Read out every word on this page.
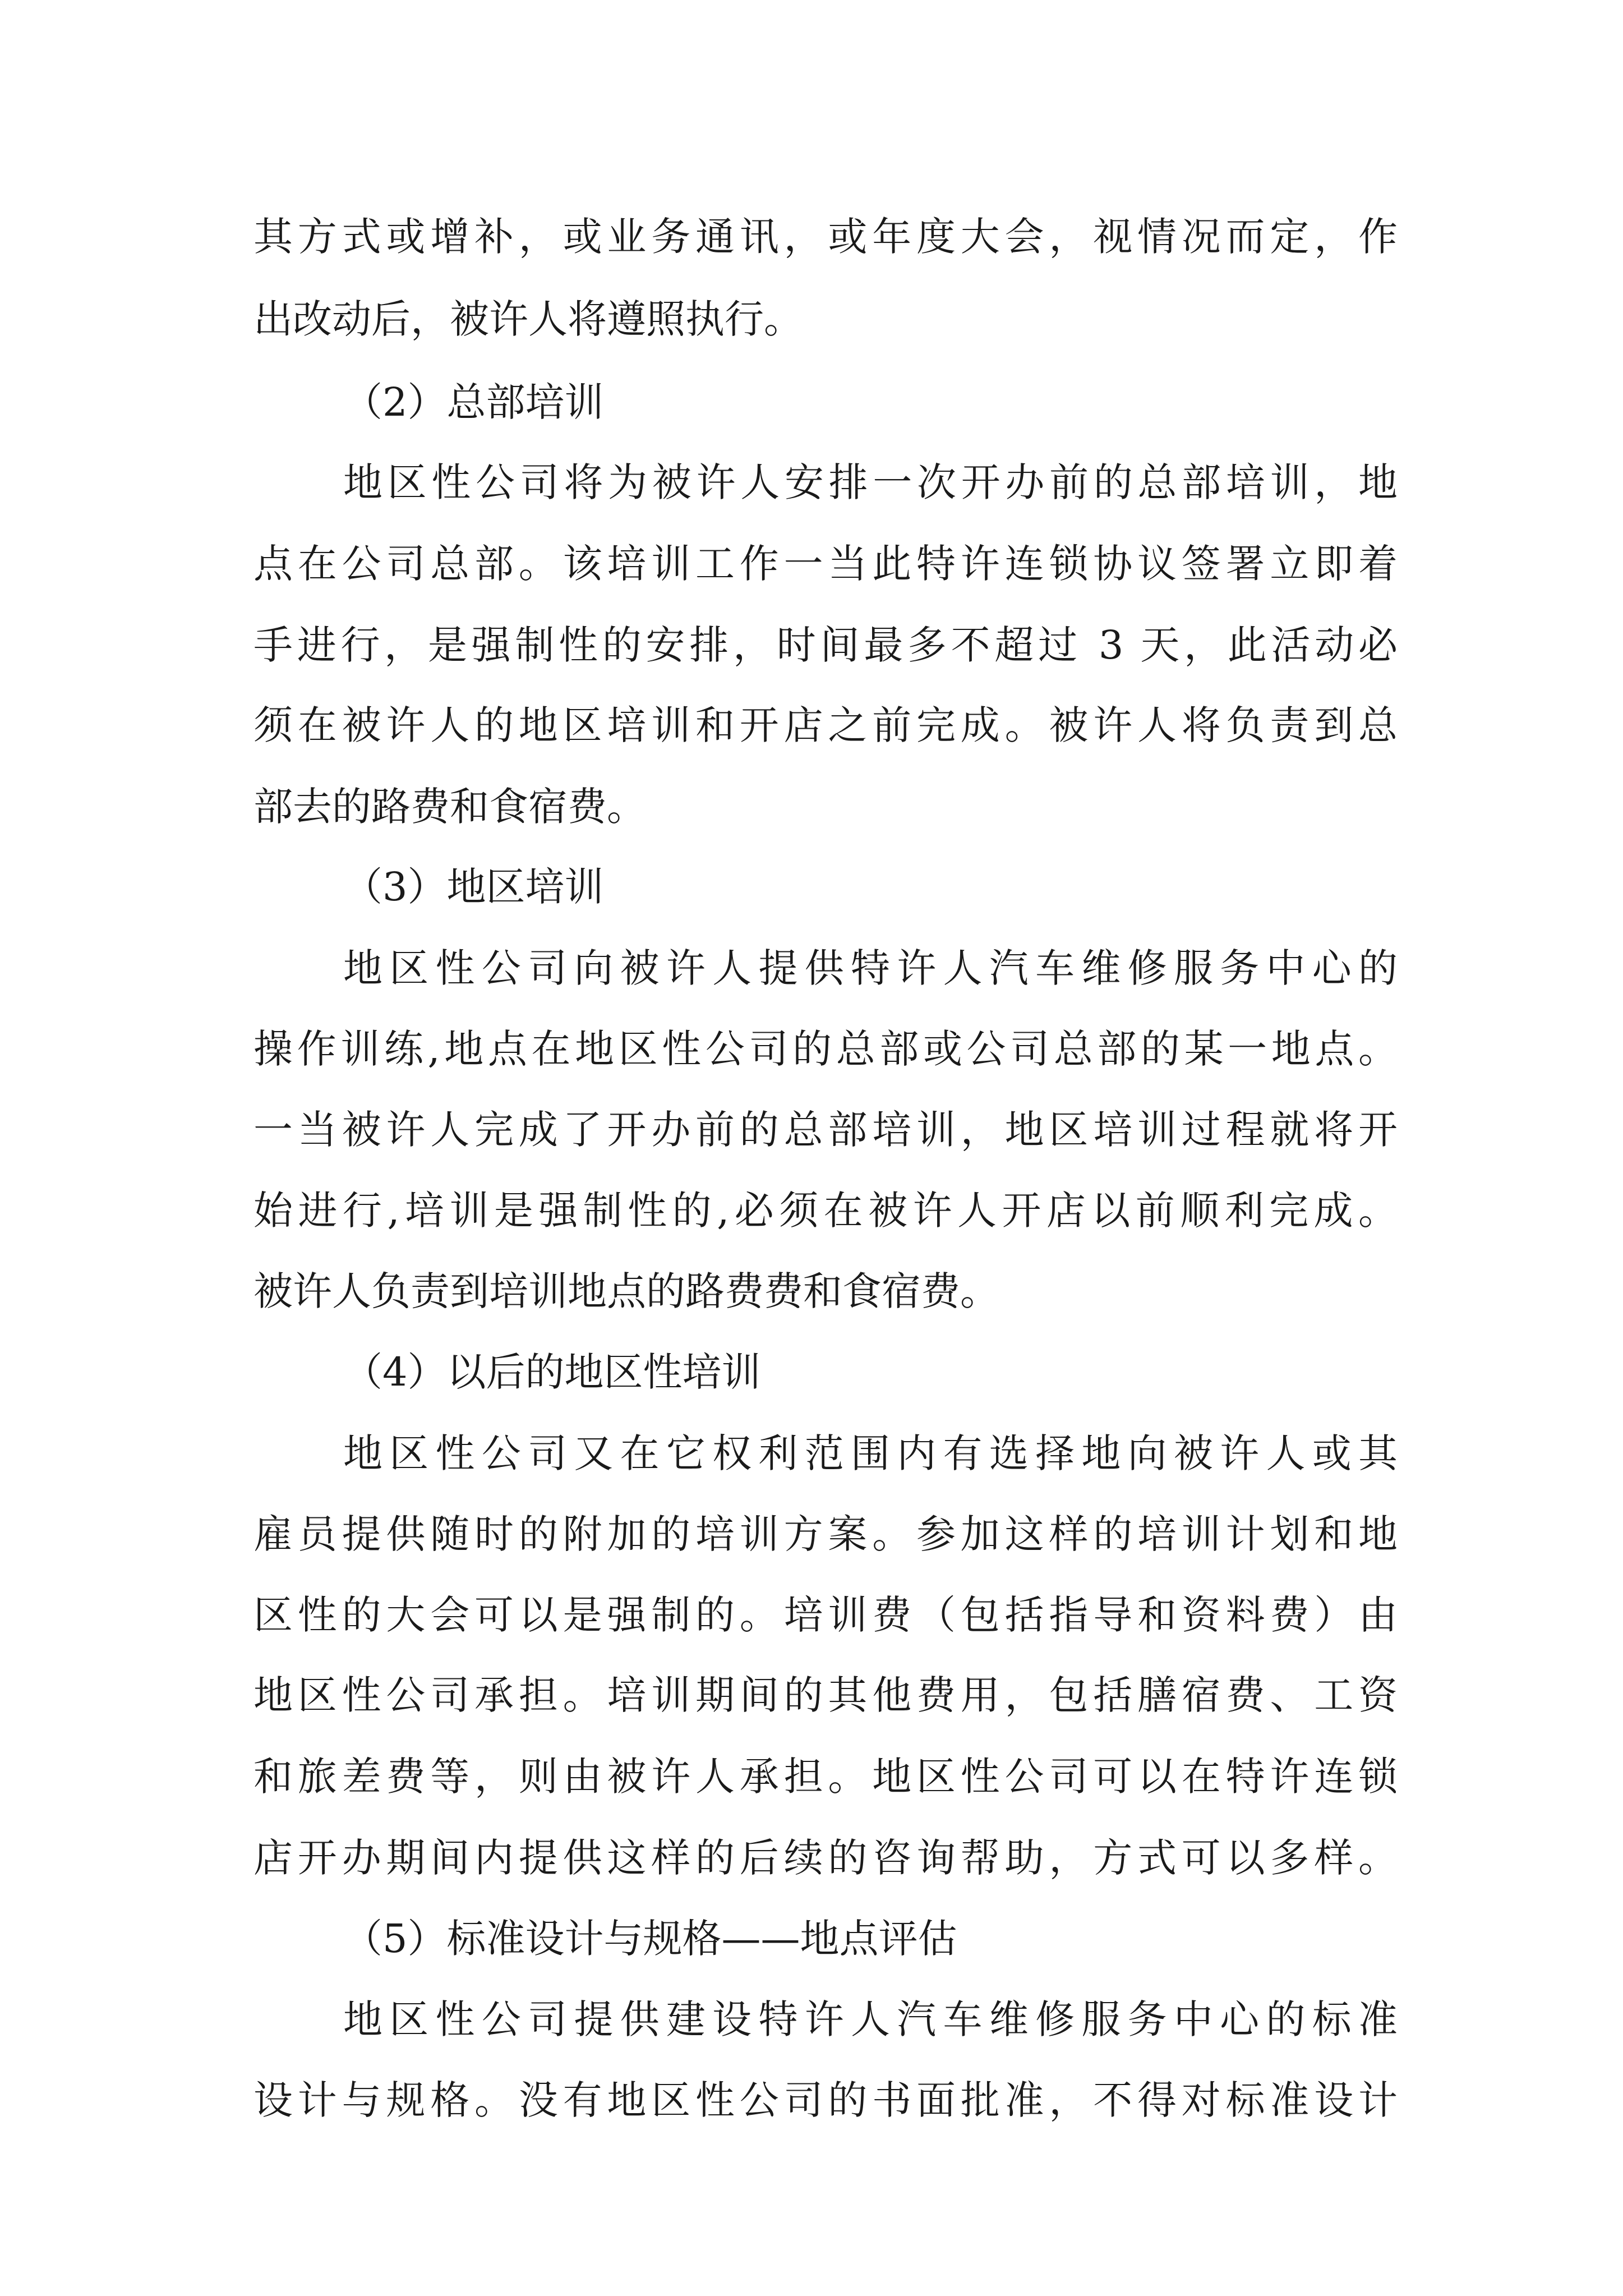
其方式或增补，或业务通讯，或年度大会，视情况而定，作
出改动后，被许人将遵照执行。
（2）总部培训
地区性公司将为被许人安排一次开办前的总部培训，地
点在公司总部。该培训工作一当此特许连锁协议签署立即着
手进行，是强制性的安排，时间最多不超过 3 天，此活动必
须在被许人的地区培训和开店之前完成。被许人将负责到总
部去的路费和食宿费。
（3）地区培训
地区性公司向被许人提供特许人汽车维修服务中心的
操作训练,地点在地区性公司的总部或公司总部的某一地点。
一当被许人完成了开办前的总部培训，地区培训过程就将开
始进行,培训是强制性的,必须在被许人开店以前顺利完成。
被许人负责到培训地点的路费费和食宿费。
（4）以后的地区性培训
地区性公司又在它权利范围内有选择地向被许人或其
雇员提供随时的附加的培训方案。参加这样的培训计划和地
区性的大会可以是强制的。培训费（包括指导和资料费）由
地区性公司承担。培训期间的其他费用，包括膳宿费、工资
和旅差费等，则由被许人承担。地区性公司可以在特许连锁
店开办期间内提供这样的后续的咨询帮助，方式可以多样。
（5）标准设计与规格——地点评估
地区性公司提供建设特许人汽车维修服务中心的标准
设计与规格。没有地区性公司的书面批准，不得对标准设计
